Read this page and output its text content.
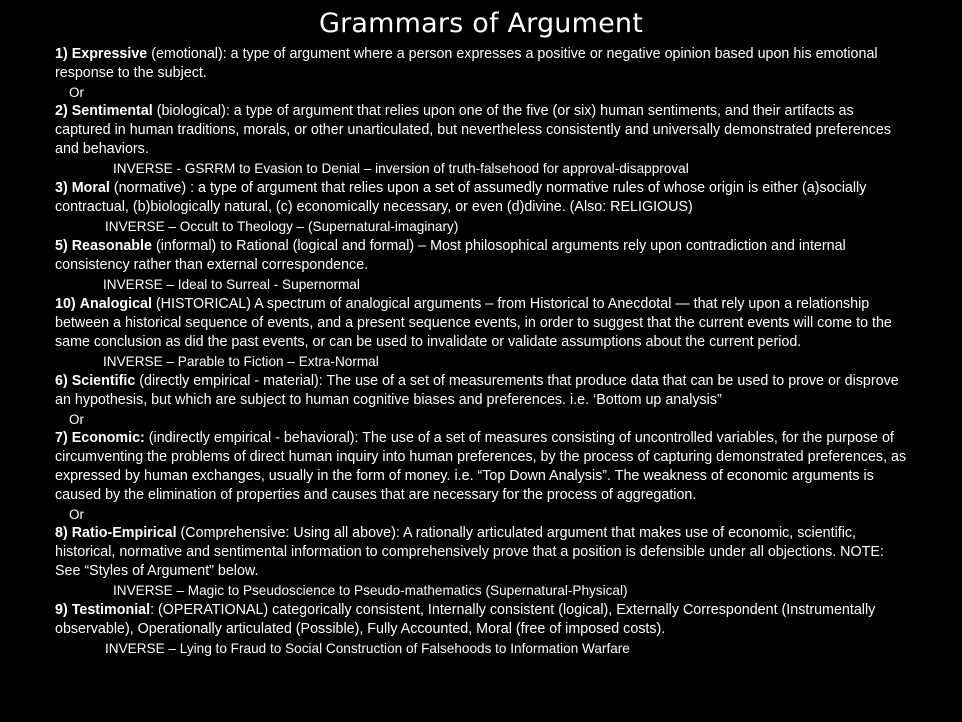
Grammars of Argument

1) Expressive (emotional): a type of argument where a person expresses a positive or negative opinion based upon his emotional response to the subject.

Or

2) Sentimental (biological): a type of argument that relies upon one of the five (or six) human sentiments, and their artifacts as captured in human traditions, morals, or other unarticulated, but nevertheless consistently and universally demonstrated preferences and behaviors.

INVERSE - GSRRM to Evasion to Denial – inversion of truth-falsehood for approval-disapproval

3) Moral (normative) : a type of argument that relies upon a set of assumedly normative rules of whose origin is either (a)socially contractual, (b)biologically natural, (c) economically necessary, or even (d)divine. (Also: RELIGIOUS)

INVERSE – Occult to Theology – (Supernatural-imaginary)

5) Reasonable (informal) to Rational (logical and formal) – Most philosophical arguments rely upon contradiction and internal consistency rather than external correspondence.

INVERSE – Ideal to Surreal - Supernormal

10) Analogical (HISTORICAL) A spectrum of analogical arguments – from Historical to Anecdotal — that rely upon a relationship between a historical sequence of events, and a present sequence events, in order to suggest that the current events will come to the same conclusion as did the past events, or can be used to invalidate or validate assumptions about the current period.

INVERSE – Parable to Fiction – Extra-Normal

6) Scientific (directly empirical - material): The use of a set of measurements that produce data that can be used to prove or disprove an hypothesis, but which are subject to human cognitive biases and preferences. i.e. ‘Bottom up analysis”

Or

7) Economic: (indirectly empirical - behavioral): The use of a set of measures consisting of uncontrolled variables, for the purpose of circumventing the problems of direct human inquiry into human preferences, by the process of capturing demonstrated preferences, as expressed by human exchanges, usually in the form of money. i.e. “Top Down Analysis”. The weakness of economic arguments is caused by the elimination of properties and causes that are necessary for the process of aggregation.

Or

8) Ratio-Empirical (Comprehensive: Using all above): A rationally articulated argument that makes use of economic, scientific, historical, normative and sentimental information to comprehensively prove that a position is defensible under all objections. NOTE: See “Styles of Argument” below.

INVERSE – Magic to Pseudoscience to Pseudo-mathematics (Supernatural-Physical)

9) Testimonial: (OPERATIONAL) categorically consistent, Internally consistent (logical), Externally Correspondent (Instrumentally observable), Operationally articulated (Possible), Fully Accounted, Moral (free of imposed costs).

INVERSE – Lying to Fraud to Social Construction of Falsehoods to Information Warfare
